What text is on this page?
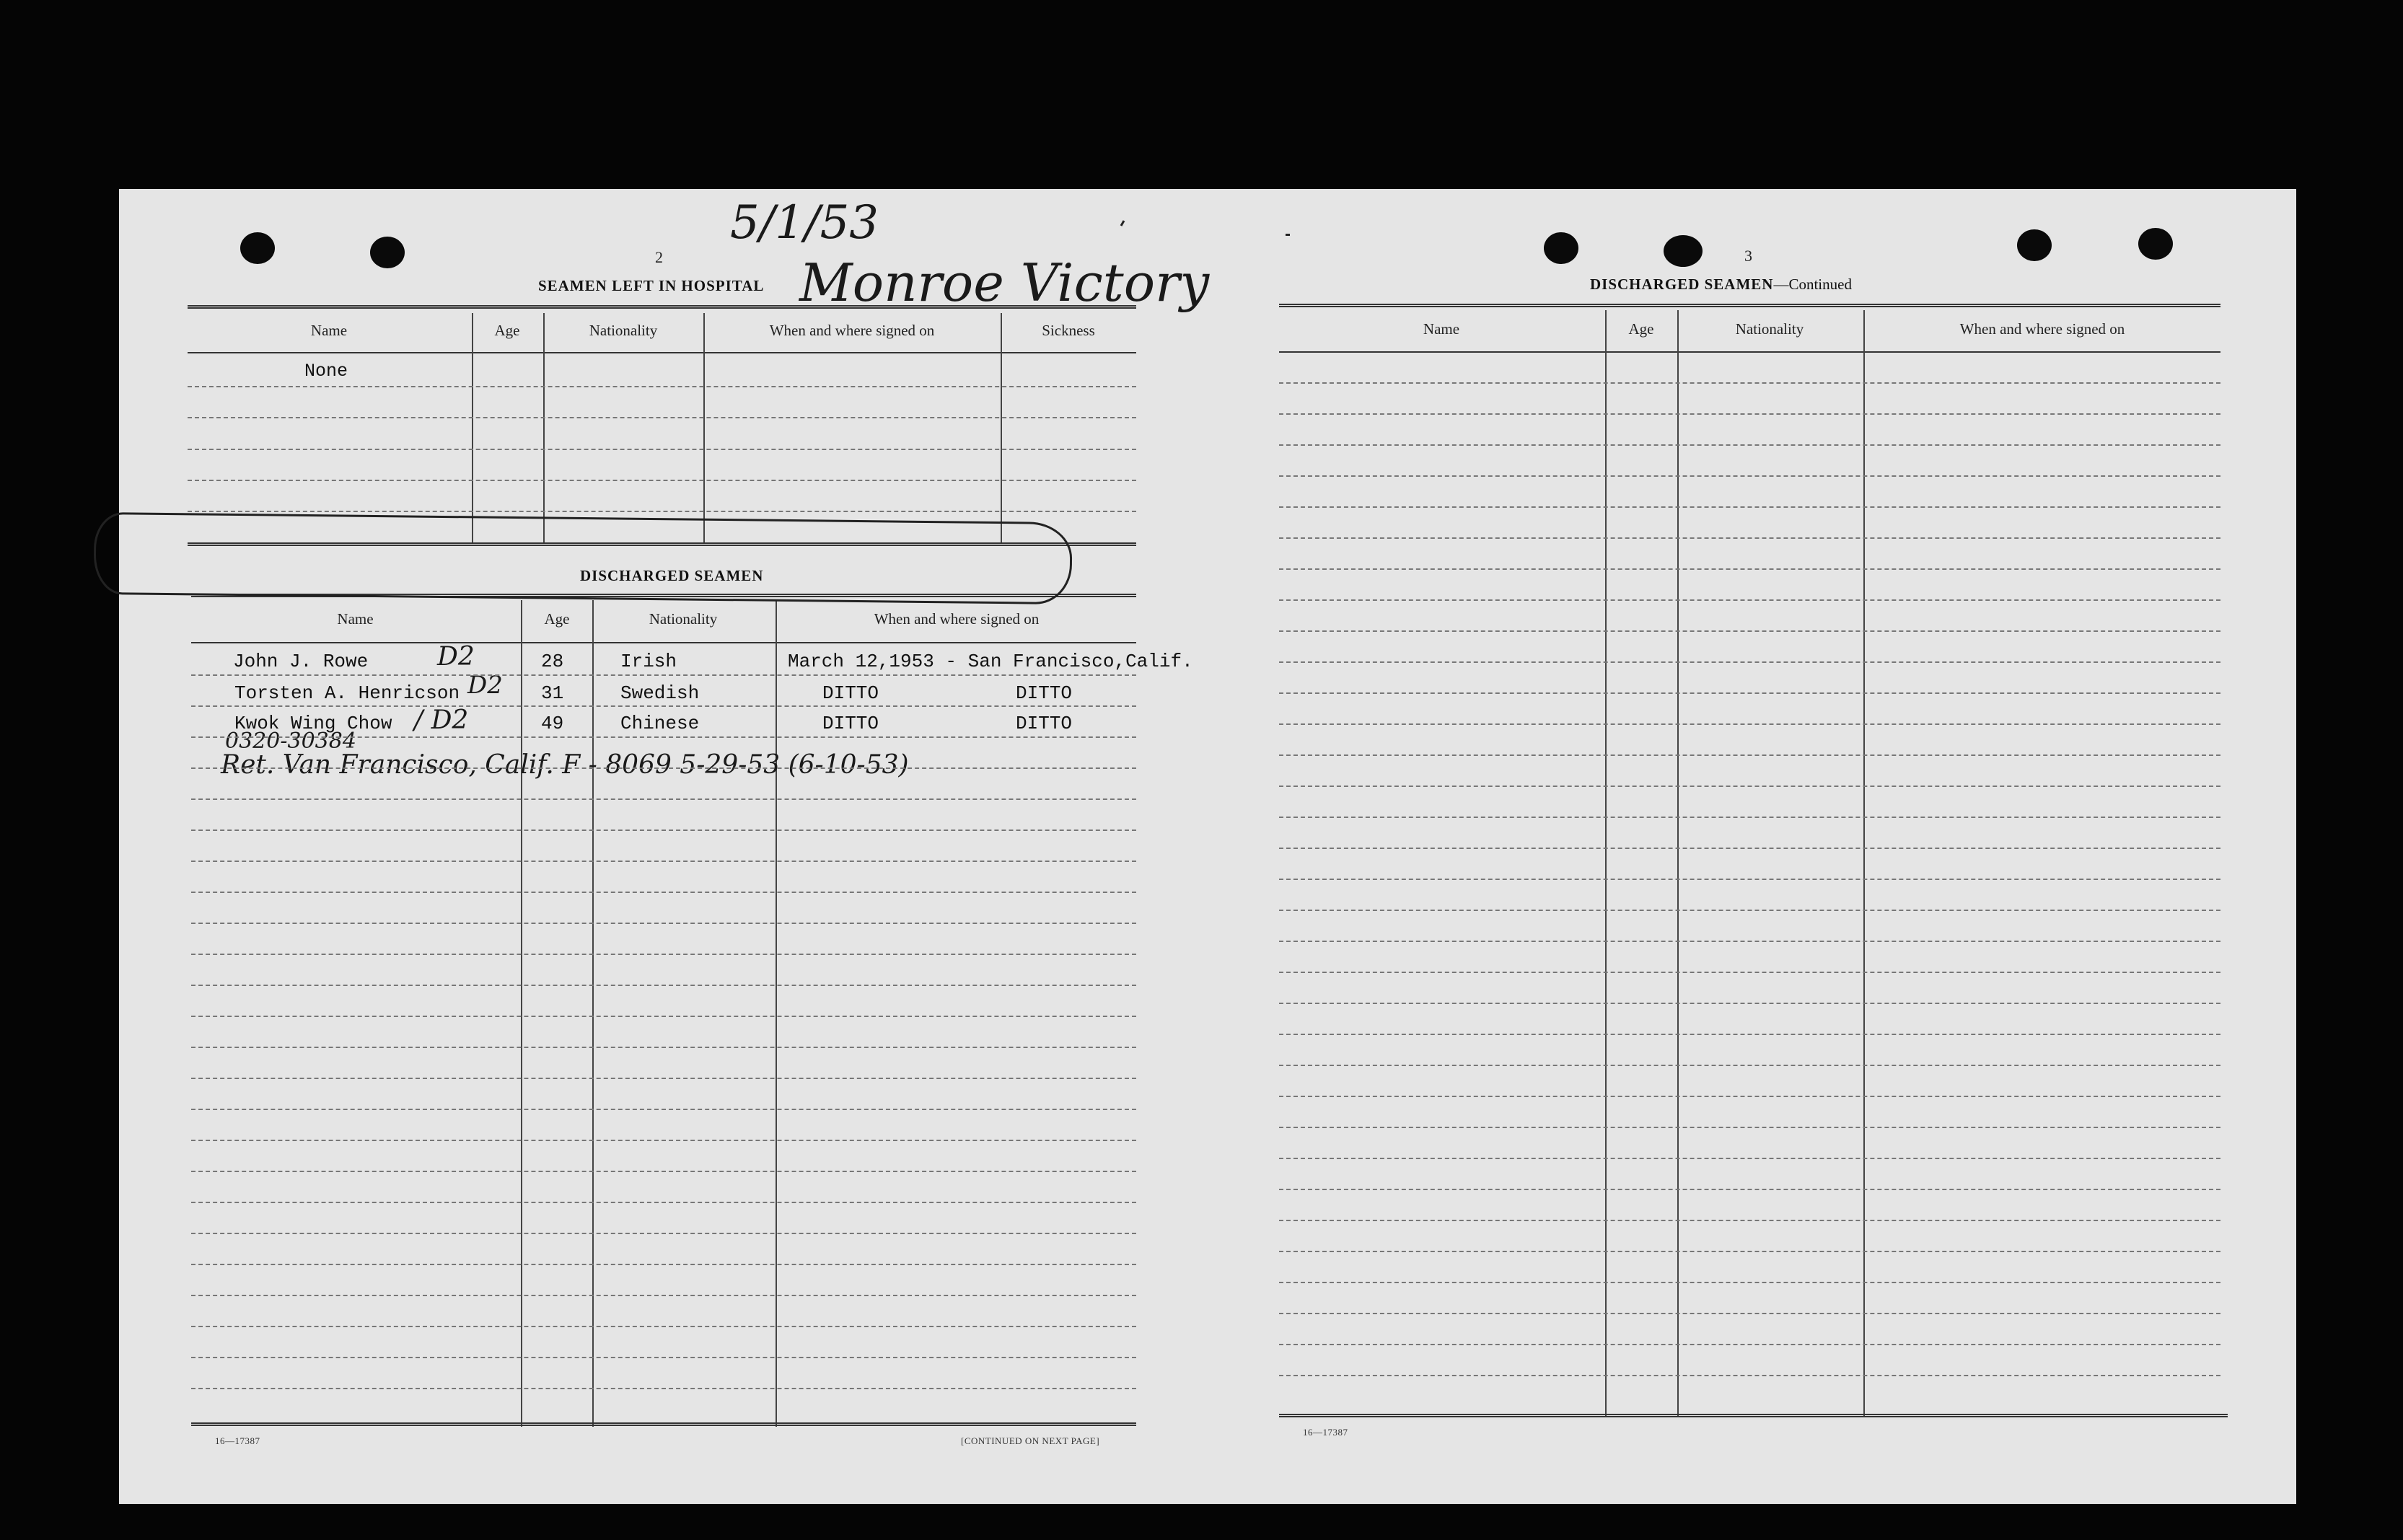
2
SEAMEN LEFT IN HOSPITAL
Name	Age	Nationality	When and where signed on	Sickness
None
DISCHARGED SEAMEN
Name	Age	Nationality	When and where signed on
John J. Rowe	28	Irish	March 12,1953 - San Francisco,Calif.
Torsten A. Henricson	31	Swedish	DITTO	DITTO
Kwok Wing Chow	49	Chinese	DITTO	DITTO
D2
D2
/ D2
0320-30384
Ret. Van Francisco, Calif. F - 8069 5-29-53 (6-10-53)
5/1/53
Monroe Victory
16—17387	[CONTINUED ON NEXT PAGE]
3
DISCHARGED SEAMEN—Continued
Name	Age	Nationality	When and where signed on
16—17387
